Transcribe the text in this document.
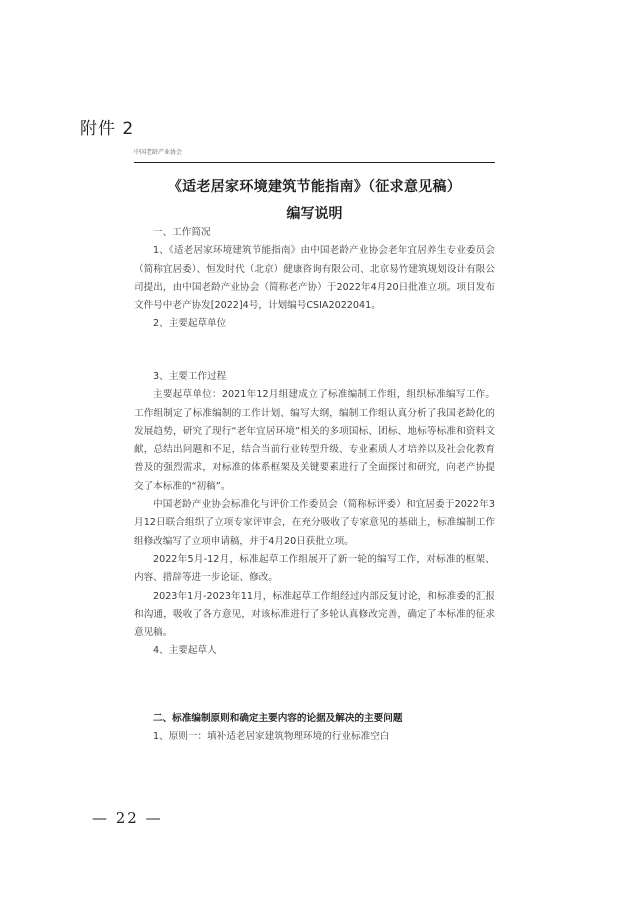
附件 2
中国老龄产业协会
《适老居家环境建筑节能指南》（征求意见稿）
编写说明

一、工作简况

1、《适老居家环境建筑节能指南》由中国老龄产业协会老年宜居养生专业委员会（简称宜居委）、恒发时代（北京）健康咨询有限公司、北京易竹建筑规划设计有限公司提出，由中国老龄产业协会（简称老产协）于2022年4月20日批准立项。项目发布文件号中老产协发[2022]4号，计划编号CSIA2022041。

2、主要起草单位

3、主要工作过程

主要起草单位：2021年12月组建成立了标准编制工作组，组织标准编写工作。工作组制定了标准编制的工作计划、编写大纲，编制工作组认真分析了我国老龄化的发展趋势，研究了现行“老年宜居环境”相关的多项国标、团标、地标等标准和资料文献，总结出问题和不足，结合当前行业转型升级、专业素质人才培养以及社会化教育普及的强烈需求，对标准的体系框架及关键要素进行了全面探讨和研究，向老产协提交了本标准的“初稿”。

中国老龄产业协会标准化与评价工作委员会（简称标评委）和宜居委于2022年3月12日联合组织了立项专家评审会，在充分吸收了专家意见的基础上，标准编制工作组修改编写了立项申请稿，并于4月20日获批立项。

2022年5月-12月，标准起草工作组展开了新一轮的编写工作，对标准的框架、内容、措辞等进一步论证、修改。

2023年1月-2023年11月，标准起草工作组经过内部反复讨论，和标准委的汇报和沟通，吸收了各方意见，对该标准进行了多轮认真修改完善，确定了本标准的征求意见稿。

4、主要起草人

二、标准编制原则和确定主要内容的论据及解决的主要问题

1、原则一：填补适老居家建筑物理环境的行业标准空白

— 22 —
